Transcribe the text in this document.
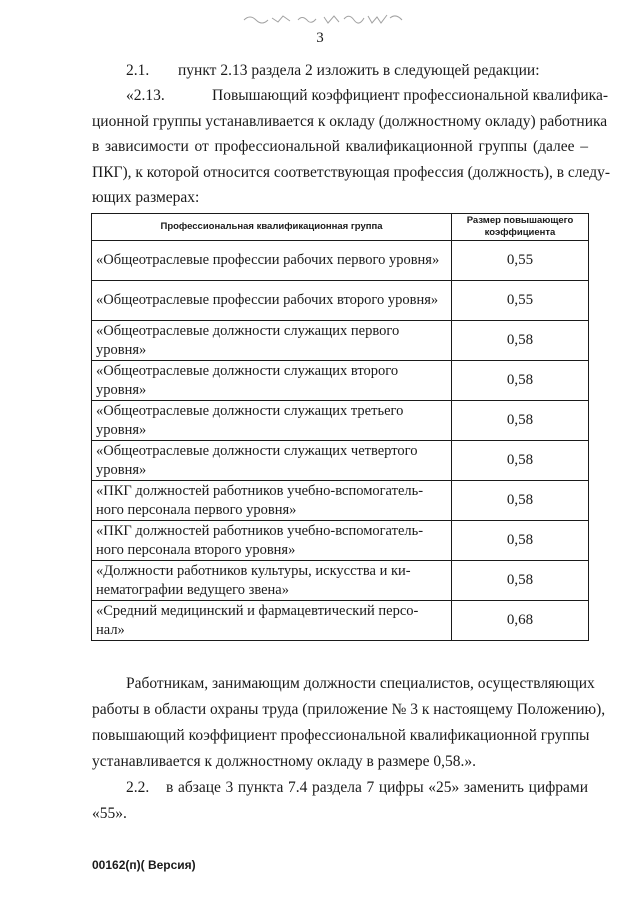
3
2.1. пункт 2.13 раздела 2 изложить в следующей редакции:
«2.13.	Повышающий коэффициент профессиональной квалифика-
ционной группы устанавливается к окладу (должностному окладу) работника
в зависимости от профессиональной квалификационной группы (далее –
ПКГ), к которой относится соответствующая профессия (должность), в следу-
ющих размерах:
Профессиональная квалификационная группа	Размер повышающего коэффициента
«Общеотраслевые профессии рабочих первого уровня»	0,55
«Общеотраслевые профессии рабочих второго уровня»	0,55
«Общеотраслевые должности служащих первого уровня»	0,58
«Общеотраслевые должности служащих второго уровня»	0,58
«Общеотраслевые должности служащих третьего уровня»	0,58
«Общеотраслевые должности служащих четвертого уровня»	0,58
«ПКГ должностей работников учебно-вспомогатель-ного персонала первого уровня»	0,58
«ПКГ должностей работников учебно-вспомогатель-ного персонала второго уровня»	0,58
«Должности работников культуры, искусства и ки-нематографии ведущего звена»	0,58
«Средний медицинский и фармацевтический персо-нал»	0,68
Работникам, занимающим должности специалистов, осуществляющих
работы в области охраны труда (приложение № 3 к настоящему Положению),
повышающий коэффициент профессиональной квалификационной группы
устанавливается к должностному окладу в размере 0,58.».
2.2. в абзаце 3 пункта 7.4 раздела 7 цифры «25» заменить цифрами
«55».
00162(п)( Версия)
